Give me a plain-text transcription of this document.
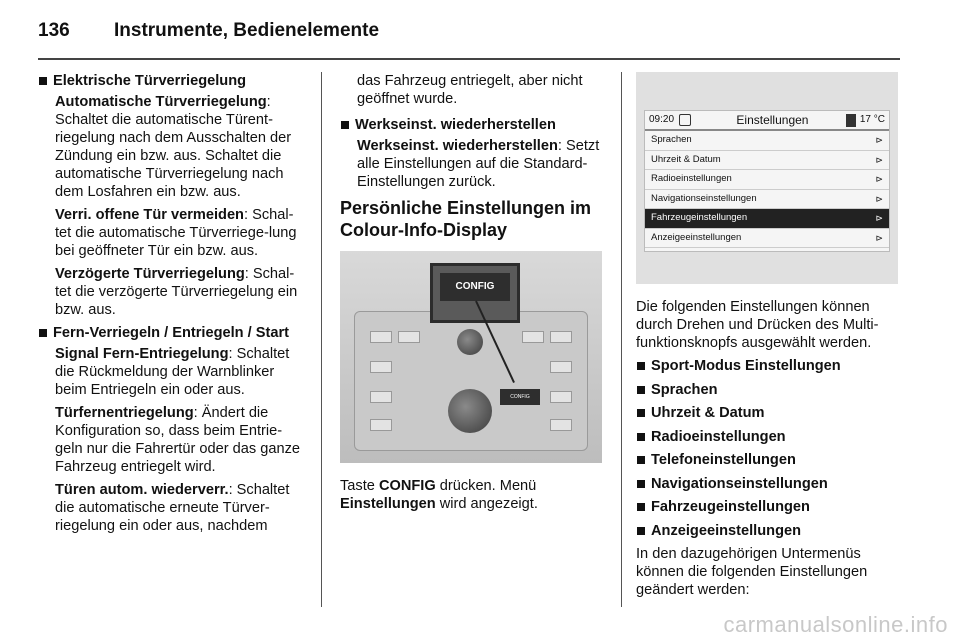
136	Instrumente, Bedienelemente
Elektrische Türverriegelung
Automatische Türverriegelung: Schaltet die automatische Türent-riegelung nach dem Ausschalten der Zündung ein bzw. aus. Schaltet die automatische Türverriegelung nach dem Losfahren ein bzw. aus.
Verri. offene Tür vermeiden: Schal-tet die automatische Türverriege-lung bei geöffneter Tür ein bzw. aus.
Verzögerte Türverriegelung: Schal-tet die verzögerte Türverriegelung ein bzw. aus.
Fern-Verriegeln / Entriegeln / Start
Signal Fern-Entriegelung: Schaltet die Rückmeldung der Warnblinker beim Entriegeln ein oder aus.
Türfernentriegelung: Ändert die Konfiguration so, dass beim Entrie-geln nur die Fahrertür oder das ganze Fahrzeug entriegelt wird.
Türen autom. wiederverr.: Schaltet die automatische erneute Türver-riegelung ein oder aus, nachdem
das Fahrzeug entriegelt, aber nicht geöffnet wurde.
Werkseinst. wiederherstellen
Werkseinst. wiederherstellen: Setzt alle Einstellungen auf die Standard-Einstellungen zurück.
Persönliche Einstellungen im Colour-Info-Display
CONFIG
CONFIG
Taste CONFIG drücken. Menü Einstellungen wird angezeigt.
09:20	Einstellungen	17 °C
Sprachen	⊳
Uhrzeit & Datum	⊳
Radioeinstellungen	⊳
Navigationseinstellungen	⊳
Fahrzeugeinstellungen	⊳
Anzeigeeinstellungen	⊳
Die folgenden Einstellungen können durch Drehen und Drücken des Multi-funktionsknopfs ausgewählt werden.
Sport-Modus Einstellungen
Sprachen
Uhrzeit & Datum
Radioeinstellungen
Telefoneinstellungen
Navigationseinstellungen
Fahrzeugeinstellungen
Anzeigeeinstellungen
In den dazugehörigen Untermenüs können die folgenden Einstellungen geändert werden:
carmanualsonline.info
